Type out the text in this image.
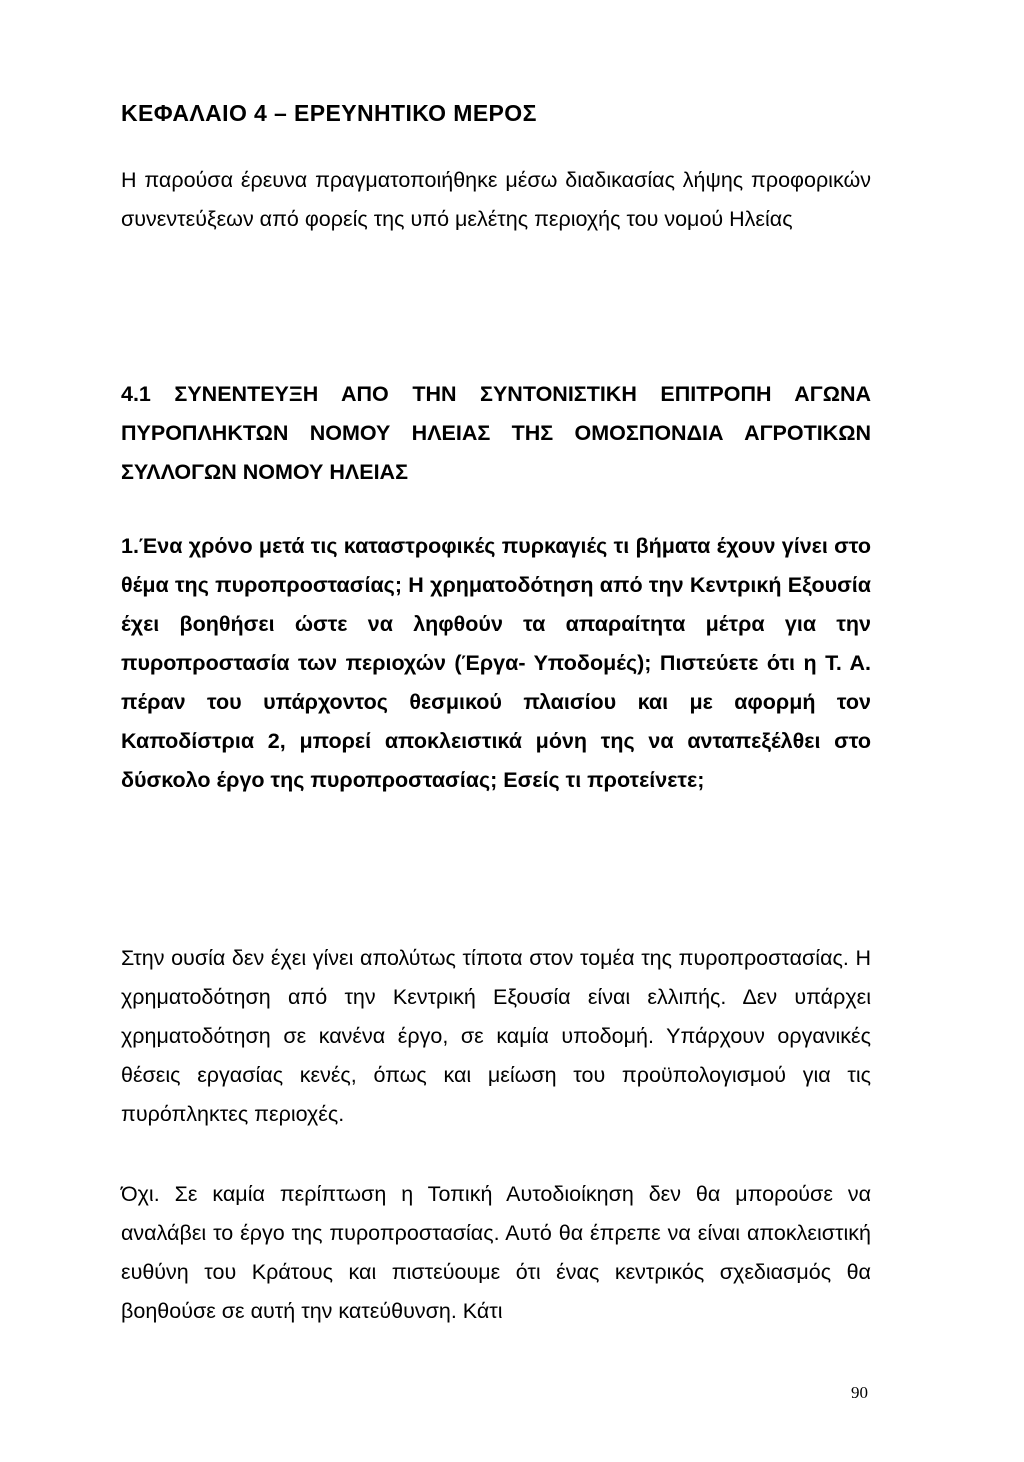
ΚΕΦΑΛΑΙΟ 4 – ΕΡΕΥΝΗΤΙΚΟ ΜΕΡΟΣ
Η παρούσα έρευνα πραγματοποιήθηκε μέσω διαδικασίας λήψης προφορικών συνεντεύξεων από φορείς της υπό μελέτης περιοχής του νομού Ηλείας
4.1 ΣΥΝΕΝΤΕΥΞΗ ΑΠΟ ΤΗΝ ΣΥΝΤΟΝΙΣΤΙΚΗ ΕΠΙΤΡΟΠΗ ΑΓΩΝΑ ΠΥΡΟΠΛΗΚΤΩΝ ΝΟΜΟΥ ΗΛΕΙΑΣ ΤΗΣ ΟΜΟΣΠΟΝΔΙΑ ΑΓΡΟΤΙΚΩΝ ΣΥΛΛΟΓΩΝ ΝΟΜΟΥ ΗΛΕΙΑΣ
1.Ένα χρόνο μετά τις καταστροφικές πυρκαγιές τι βήματα έχουν γίνει στο θέμα της πυροπροστασίας; Η χρηματοδότηση από την Κεντρική Εξουσία έχει βοηθήσει ώστε να ληφθούν τα απαραίτητα μέτρα για την πυροπροστασία των περιοχών (Έργα- Υποδομές); Πιστεύετε ότι η Τ. Α. πέραν του υπάρχοντος θεσμικού πλαισίου και με αφορμή τον Καποδίστρια 2, μπορεί αποκλειστικά μόνη της να ανταπεξέλθει στο δύσκολο έργο της πυροπροστασίας; Εσείς τι προτείνετε;
Στην ουσία δεν έχει γίνει απολύτως τίποτα στον τομέα της πυροπροστασίας. Η χρηματοδότηση από την Κεντρική Εξουσία είναι ελλιπής. Δεν υπάρχει χρηματοδότηση σε κανένα έργο, σε καμία υποδομή. Υπάρχουν οργανικές θέσεις εργασίας κενές, όπως και μείωση του προϋπολογισμού για τις πυρόπληκτες περιοχές.
Όχι. Σε καμία περίπτωση η Τοπική Αυτοδιοίκηση δεν θα μπορούσε να αναλάβει το έργο της πυροπροστασίας. Αυτό θα έπρεπε να είναι αποκλειστική ευθύνη του Κράτους και πιστεύουμε ότι ένας κεντρικός σχεδιασμός θα βοηθούσε σε αυτή την κατεύθυνση. Κάτι
90
